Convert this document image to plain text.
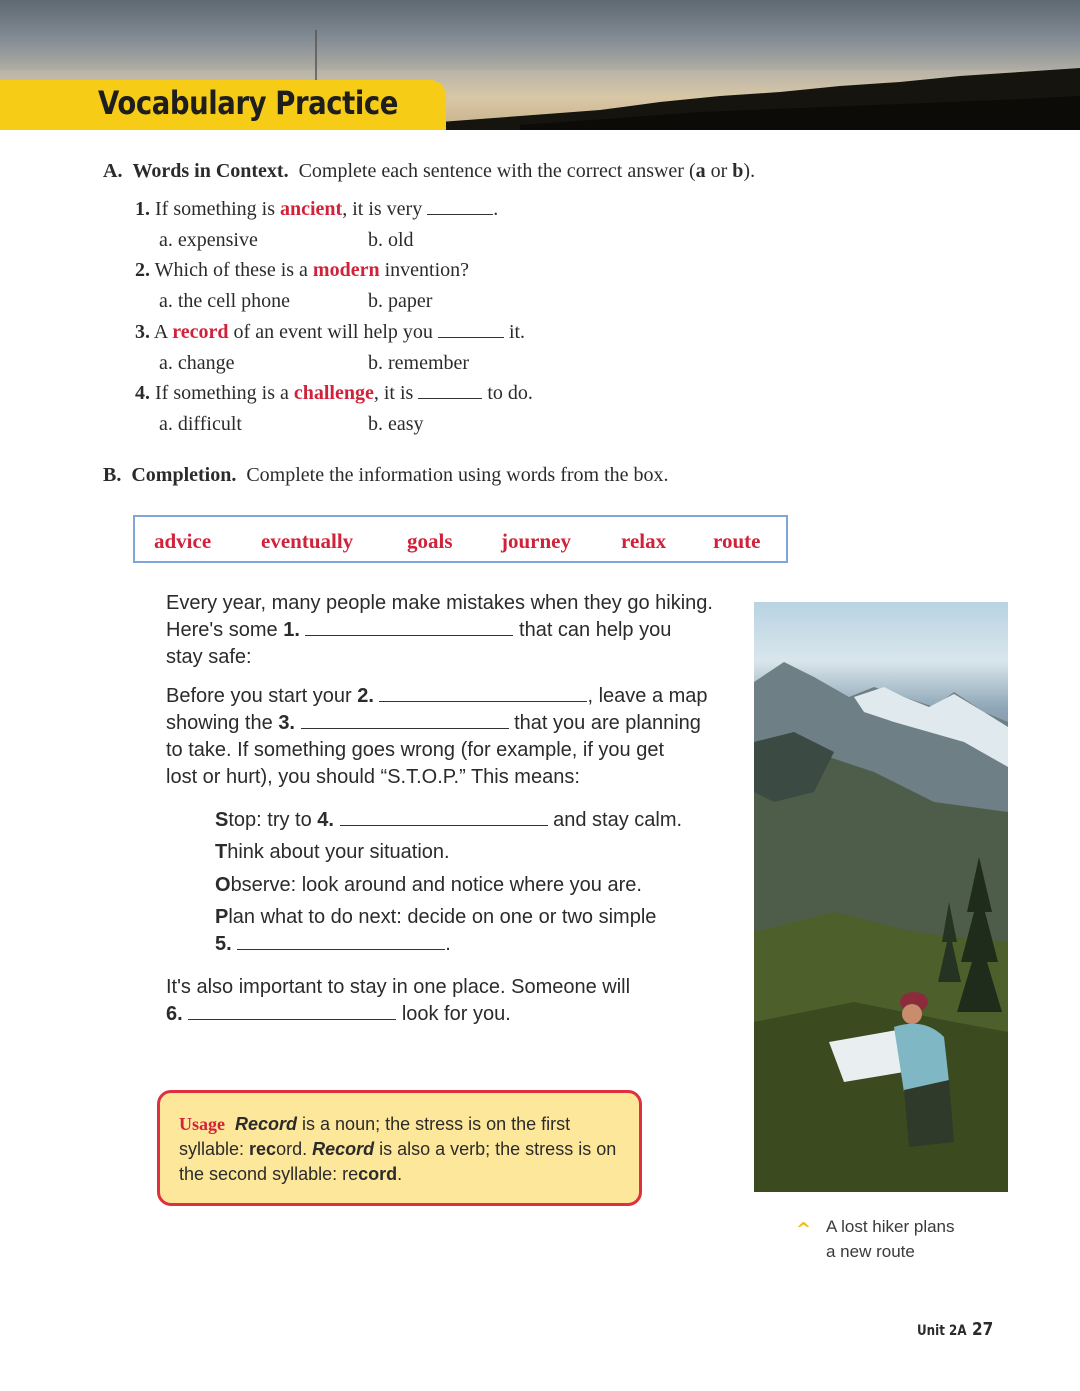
Vocabulary Practice
A. Words in Context. Complete each sentence with the correct answer (a or b).
1. If something is ancient, it is very	.
a. expensive	b. old
2. Which of these is a modern invention?
a. the cell phone	b. paper
3. A record of an event will help you	it.
a. change	b. remember
4. If something is a challenge, it is	to do.
a. difficult	b. easy
B. Completion. Complete the information using words from the box.
advice eventually	goals journey relax route
Every year, many people make mistakes when they go hiking.
Here's some 1.	that can help you
stay safe:
Before you start your 2.	, leave a map
showing the 3.	that you are planning
to take. If something goes wrong (for example, if you get
lost or hurt), you should “S.T.O.P.” This means:
Stop: try to 4.	and stay calm.
Think about your situation.
Observe: look around and notice where you are.
Plan what to do next: decide on one or two simple
5.	.
It's also important to stay in one place. Someone will
6.	look for you.
Usage Record is a noun; the stress is on the first
syllable: record. Record is also a verb; the stress is on
the second syllable: record.
^ A lost hiker plans
a new route
Unit 2A 27
